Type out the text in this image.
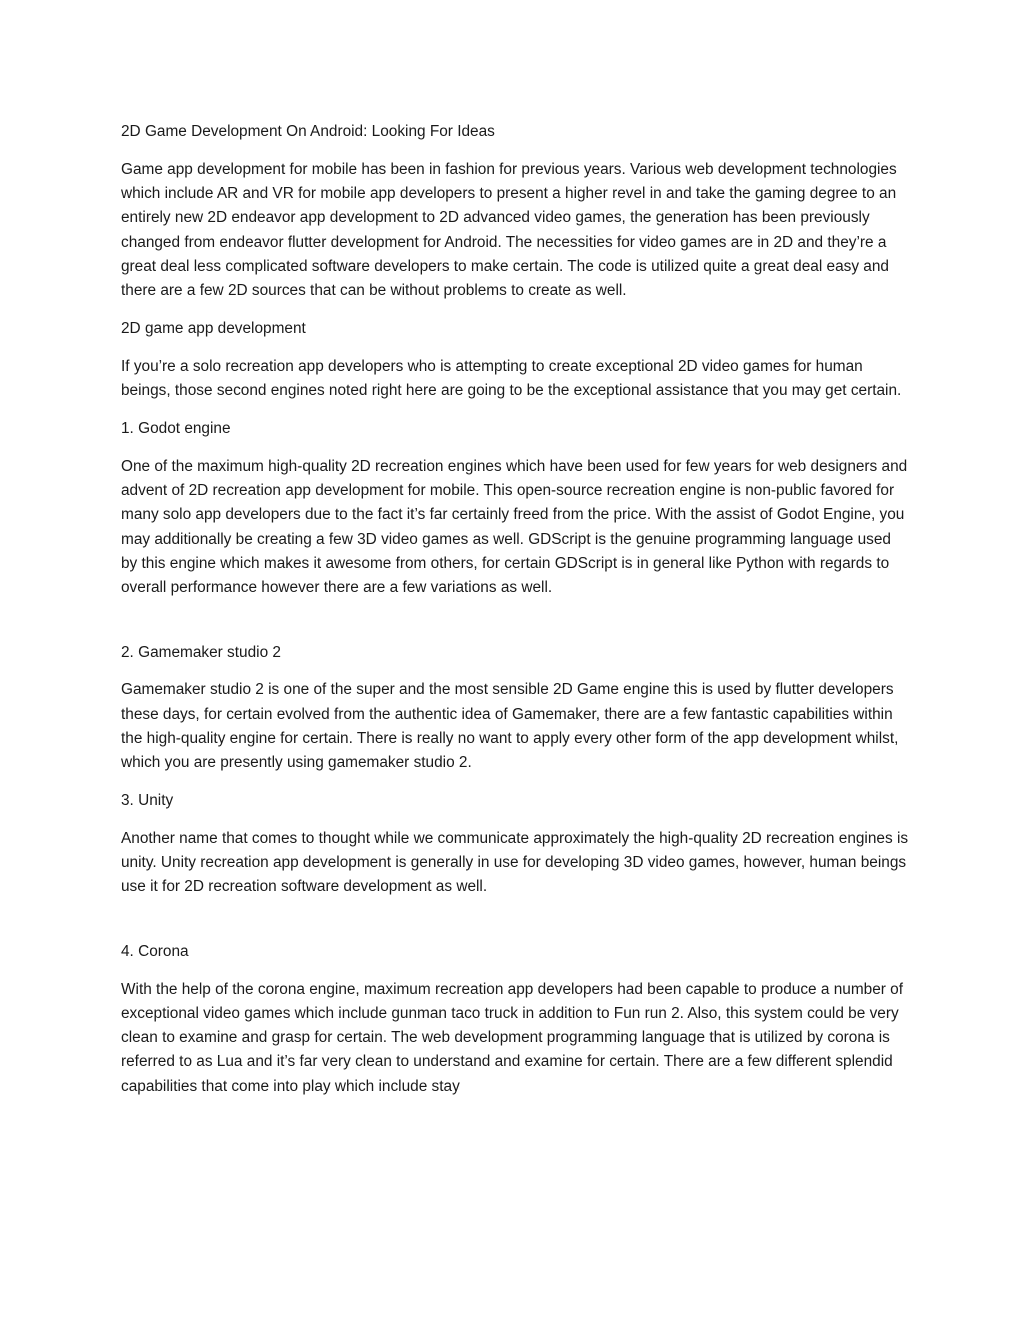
2D Game Development On Android: Looking For Ideas

Game app development for mobile has been in fashion for previous years. Various web development technologies which include AR and VR for mobile app developers to present a higher revel in and take the gaming degree to an entirely new 2D endeavor app development to 2D advanced video games, the generation has been previously changed from endeavor flutter development for Android. The necessities for video games are in 2D and they’re a great deal less complicated software developers to make certain. The code is utilized quite a great deal easy and there are a few 2D sources that can be without problems to create as well.

2D game app development

If you’re a solo recreation app developers who is attempting to create exceptional 2D video games for human beings, those second engines noted right here are going to be the exceptional assistance that you may get certain.

1. Godot engine

One of the maximum high-quality 2D recreation engines which have been used for few years for web designers and advent of 2D recreation app development for mobile. This open-source recreation engine is non-public favored for many solo app developers due to the fact it’s far certainly freed from the price. With the assist of Godot Engine, you may additionally be creating a few 3D video games as well. GDScript is the genuine programming language used by this engine which makes it awesome from others, for certain GDScript is in general like Python with regards to overall performance however there are a few variations as well.

2. Gamemaker studio 2

Gamemaker studio 2 is one of the super and the most sensible 2D Game engine this is used by flutter developers these days, for certain evolved from the authentic idea of Gamemaker, there are a few fantastic capabilities within the high-quality engine for certain. There is really no want to apply every other form of the app development whilst, which you are presently using gamemaker studio 2.

3. Unity

Another name that comes to thought while we communicate approximately the high-quality 2D recreation engines is unity. Unity recreation app development is generally in use for developing 3D video games, however, human beings use it for 2D recreation software development as well.

4. Corona

With the help of the corona engine, maximum recreation app developers had been capable to produce a number of exceptional video games which include gunman taco truck in addition to Fun run 2. Also, this system could be very clean to examine and grasp for certain. The web development programming language that is utilized by corona is referred to as Lua and it’s far very clean to understand and examine for certain. There are a few different splendid capabilities that come into play which include stay
